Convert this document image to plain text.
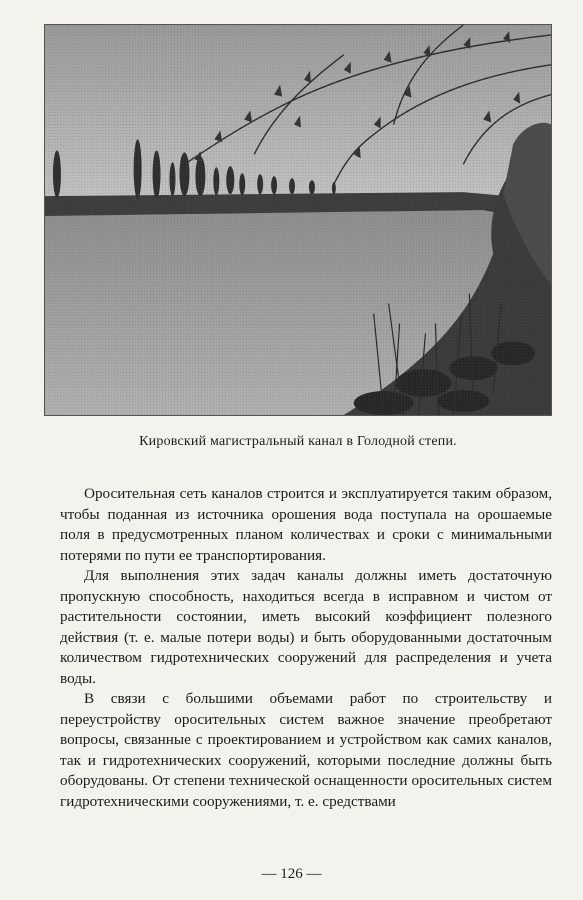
Кировский магистральный канал в Голодной степи.

Оросительная сеть каналов строится и эксплуатируется таким образом, чтобы поданная из источника орошения вода поступала на орошаемые поля в предусмотренных планом количествах и сроки с минимальными потерями по пути ее транспортирования.

Для выполнения этих задач каналы должны иметь достаточную пропускную способность, находиться всегда в исправном и чистом от растительности состоянии, иметь высокий коэффициент полезного действия (т. е. малые потери воды) и быть оборудованными достаточным количеством гидротехнических сооружений для распределения и учета воды.

В связи с большими объемами работ по строительству и переустройству оросительных систем важное значение преобретают вопросы, связанные с проектированием и устройством как самих каналов, так и гидротехнических сооружений, которыми последние должны быть оборудованы. От степени технической оснащенности оросительных систем гидротехническими сооружениями, т. е. средствами

— 126 —
